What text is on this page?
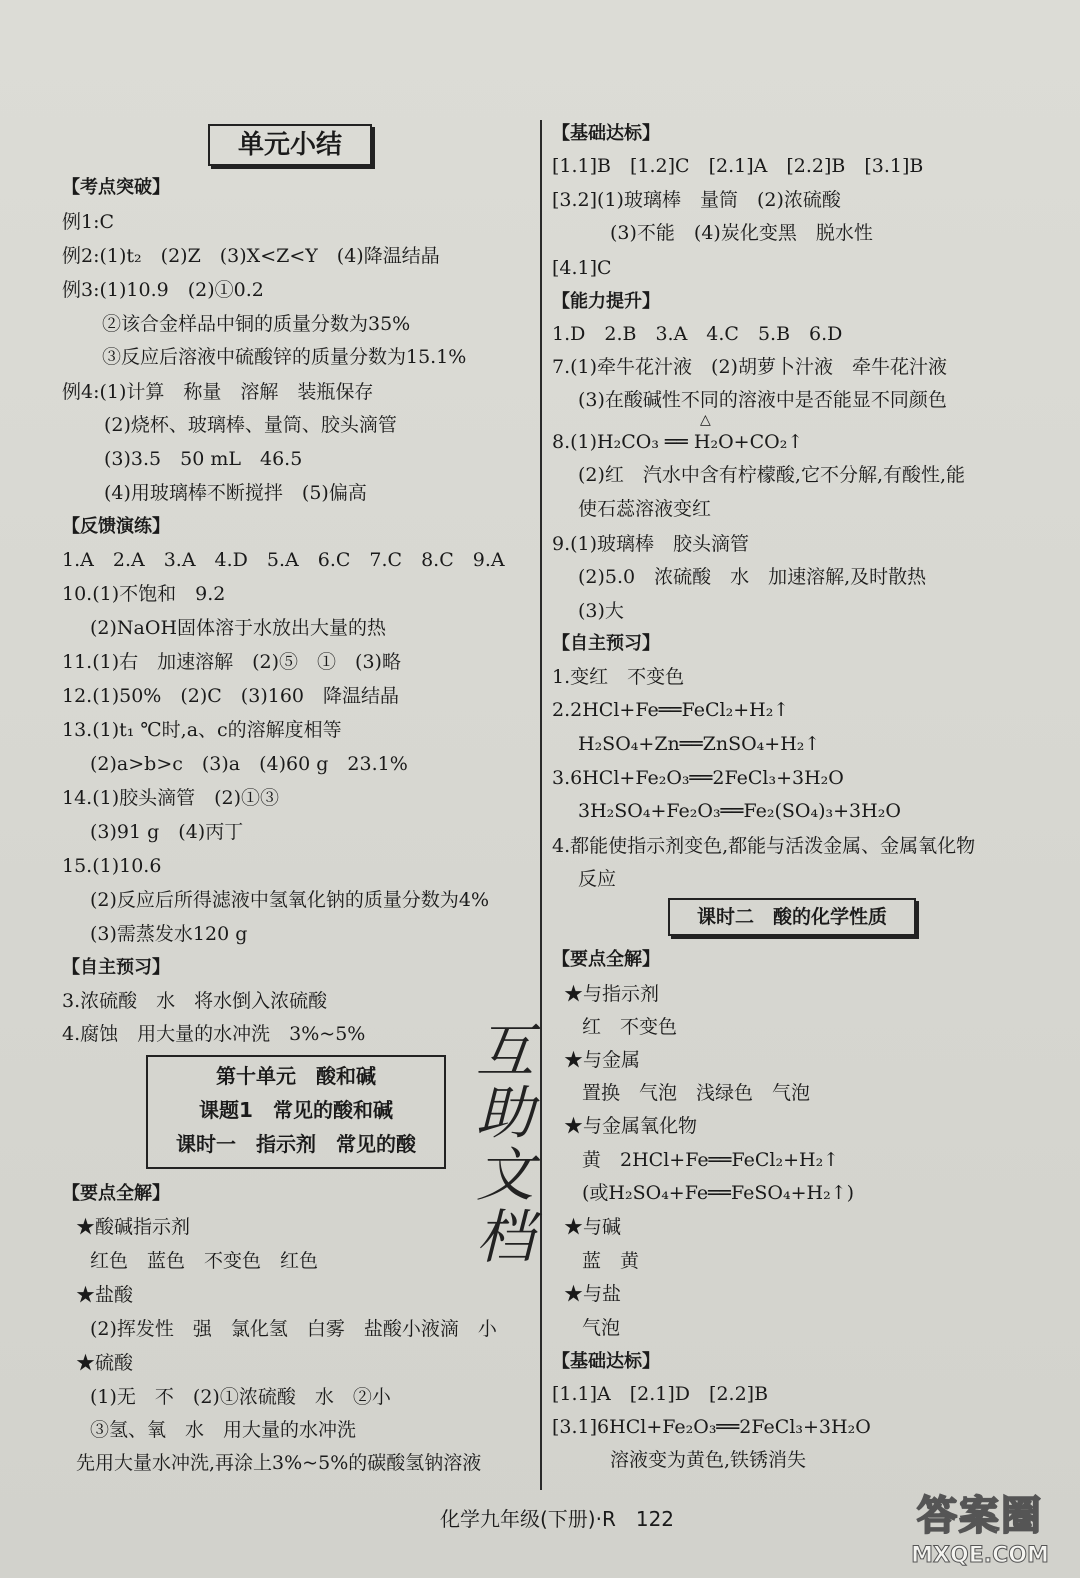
单元小结
【考点突破】
例1:C
例2:(1)t₂　(2)Z　(3)X<Z<Y　(4)降温结晶
例3:(1)10.9　(2)①0.2
②该合金样品中铜的质量分数为35%
③反应后溶液中硫酸锌的质量分数为15.1%
例4:(1)计算　称量　溶解　装瓶保存
(2)烧杯、玻璃棒、量筒、胶头滴管
(3)3.5　50 mL　46.5
(4)用玻璃棒不断搅拌　(5)偏高
【反馈演练】
1.A　2.A　3.A　4.D　5.A　6.C　7.C　8.C　9.A
10.(1)不饱和　9.2
(2)NaOH固体溶于水放出大量的热
11.(1)右　加速溶解　(2)⑤　①　(3)略
12.(1)50%　(2)C　(3)160　降温结晶
13.(1)t₁ ℃时,a、c的溶解度相等
(2)a>b>c　(3)a　(4)60 g　23.1%
14.(1)胶头滴管　(2)①③
(3)91 g　(4)丙丁
15.(1)10.6
(2)反应后所得滤液中氢氧化钠的质量分数为4%
(3)需蒸发水120 g
【自主预习】
3.浓硫酸　水　将水倒入浓硫酸
4.腐蚀　用大量的水冲洗　3%~5%
第十单元　酸和碱
课题1　常见的酸和碱
课时一　指示剂　常见的酸
【要点全解】
★酸碱指示剂
红色　蓝色　不变色　红色
★盐酸
(2)挥发性　强　氯化氢　白雾　盐酸小液滴　小
★硫酸
(1)无　不　(2)①浓硫酸　水　②小
③氢、氧　水　用大量的水冲洗
先用大量水冲洗,再涂上3%~5%的碳酸氢钠溶液
互
助
文
档
【基础达标】
[1.1]B　[1.2]C　[2.1]A　[2.2]B　[3.1]B
[3.2](1)玻璃棒　量筒　(2)浓硫酸
(3)不能　(4)炭化变黑　脱水性
[4.1]C
【能力提升】
1.D　2.B　3.A　4.C　5.B　6.D
7.(1)牵牛花汁液　(2)胡萝卜汁液　牵牛花汁液
(3)在酸碱性不同的溶液中是否能显不同颜色
△
8.(1)H₂CO₃ ══ H₂O+CO₂↑
(2)红　汽水中含有柠檬酸,它不分解,有酸性,能
使石蕊溶液变红
9.(1)玻璃棒　胶头滴管
(2)5.0　浓硫酸　水　加速溶解,及时散热
(3)大
【自主预习】
1.变红　不变色
2.2HCl+Fe══FeCl₂+H₂↑
H₂SO₄+Zn══ZnSO₄+H₂↑
3.6HCl+Fe₂O₃══2FeCl₃+3H₂O
3H₂SO₄+Fe₂O₃══Fe₂(SO₄)₃+3H₂O
4.都能使指示剂变色,都能与活泼金属、金属氧化物
反应
课时二　酸的化学性质
【要点全解】
★与指示剂
红　不变色
★与金属
置换　气泡　浅绿色　气泡
★与金属氧化物
黄　2HCl+Fe══FeCl₂+H₂↑
(或H₂SO₄+Fe══FeSO₄+H₂↑)
★与碱
蓝　黄
★与盐
气泡
【基础达标】
[1.1]A　[2.1]D　[2.2]B
[3.1]6HCl+Fe₂O₃══2FeCl₃+3H₂O
溶液变为黄色,铁锈消失
化学九年级(下册)·R　122	答案圈
MXQE.COM
